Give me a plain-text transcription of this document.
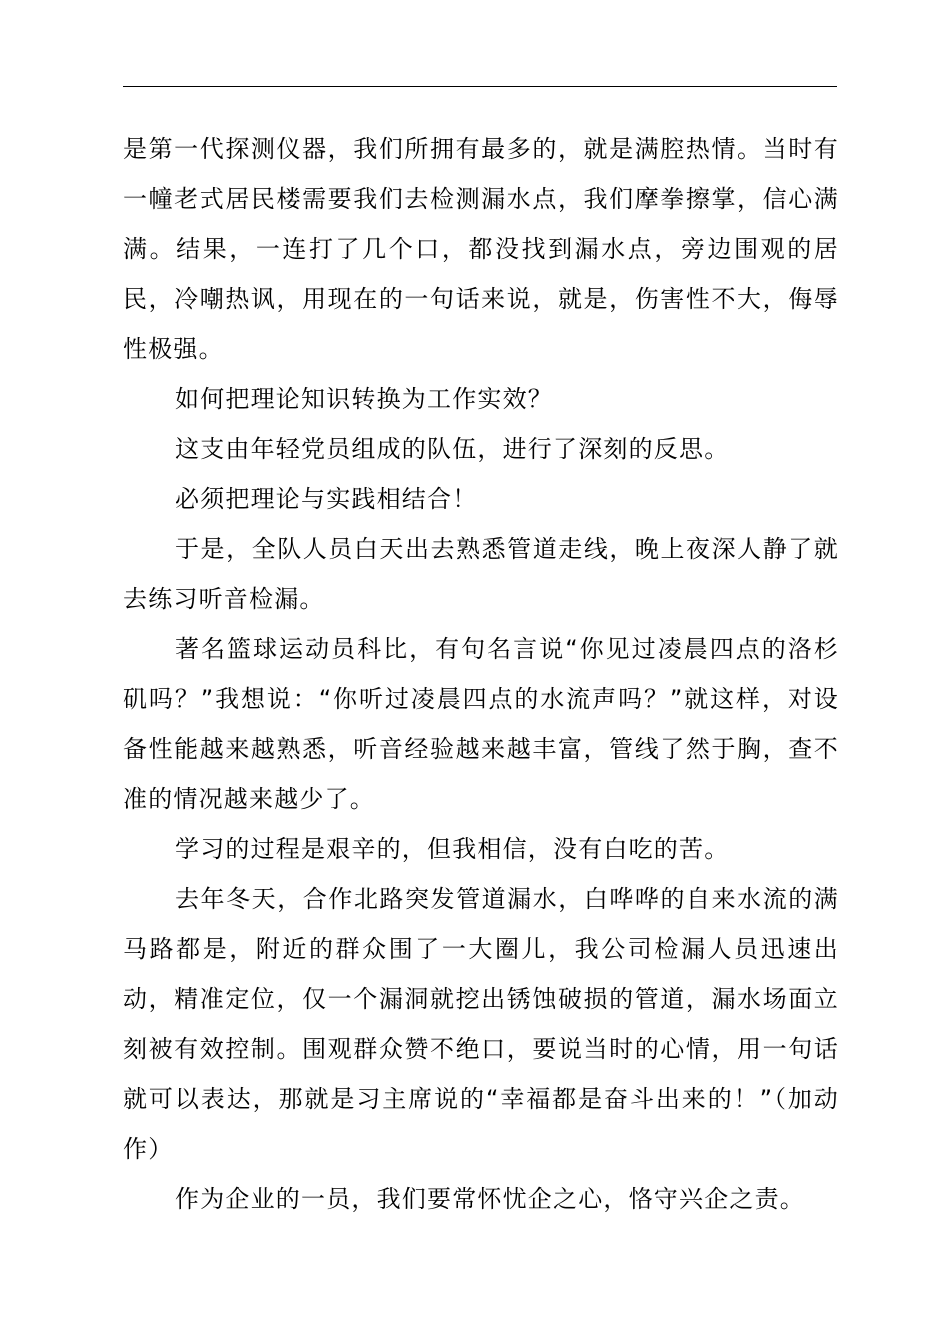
是第一代探测仪器，我们所拥有最多的，就是满腔热情。当时有一幢老式居民楼需要我们去检测漏水点，我们摩拳擦掌，信心满满。结果，一连打了几个口，都没找到漏水点，旁边围观的居民，冷嘲热讽，用现在的一句话来说，就是，伤害性不大，侮辱性极强。

如何把理论知识转换为工作实效？

这支由年轻党员组成的队伍，进行了深刻的反思。

必须把理论与实践相结合！

于是，全队人员白天出去熟悉管道走线，晚上夜深人静了就去练习听音检漏。

著名篮球运动员科比，有句名言说“你见过凌晨四点的洛杉矶吗？”我想说：“你听过凌晨四点的水流声吗？”就这样，对设备性能越来越熟悉，听音经验越来越丰富，管线了然于胸，查不准的情况越来越少了。

学习的过程是艰辛的，但我相信，没有白吃的苦。

去年冬天，合作北路突发管道漏水，白哗哗的自来水流的满马路都是，附近的群众围了一大圈儿，我公司检漏人员迅速出动，精准定位，仅一个漏洞就挖出锈蚀破损的管道，漏水场面立刻被有效控制。围观群众赞不绝口，要说当时的心情，用一句话就可以表达，那就是习主席说的“幸福都是奋斗出来的！”（加动作）

作为企业的一员，我们要常怀忧企之心，恪守兴企之责。
